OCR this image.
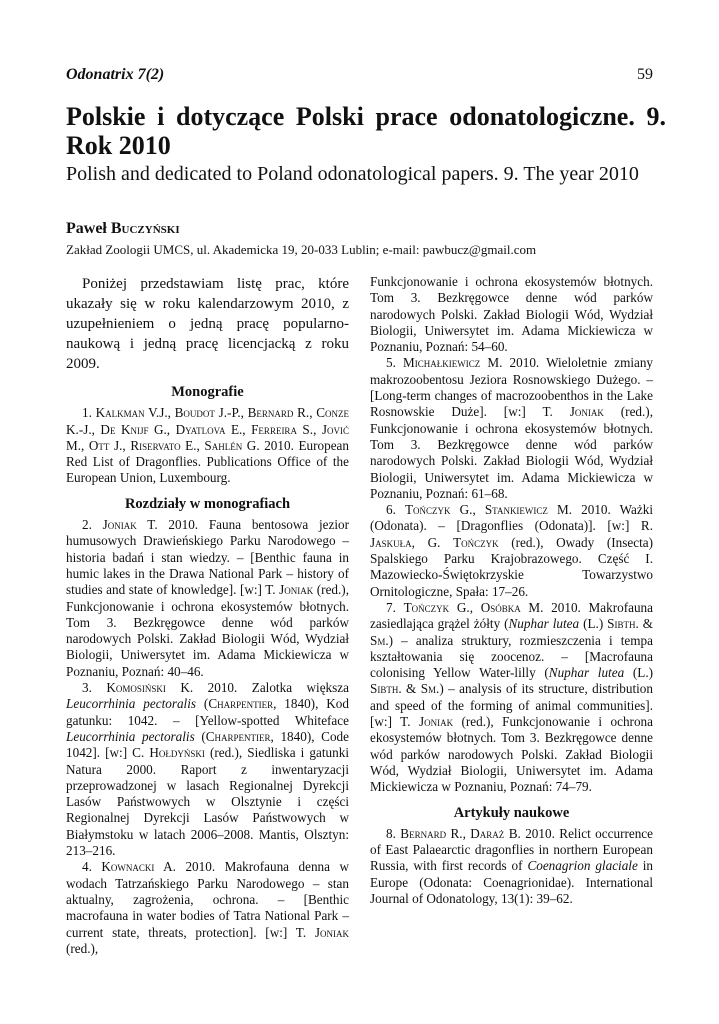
Odonatrix 7(2)	59
Polskie i dotyczące Polski prace odonatologiczne. 9. Rok 2010
Polish and dedicated to Poland odonatological papers. 9. The year 2010
Paweł Buczyński
Zakład Zoologii UMCS, ul. Akademicka 19, 20-033 Lublin; e-mail: pawbucz@gmail.com

Poniżej przedstawiam listę prac, które ukazały się w roku kalendarzowym 2010, z uzupełnieniem o jedną pracę popularno-naukową i jedną pracę licencjacką z roku 2009.

Monografie

1. Kalkman V.J., Boudot J.-P., Bernard R., Conze K.-J., De Knijf G., Dyatlova E., Ferreira S., Jović M., Ott J., Riservato E., Sahlén G. 2010. European Red List of Dragonflies. Publications Office of the European Union, Luxembourg.

Rozdziały w monografiach

2. Joniak T. 2010. Fauna bentosowa jezior humusowych Drawieńskiego Parku Narodowego – historia badań i stan wiedzy. – [Benthic fauna in humic lakes in the Drawa National Park – history of studies and state of knowledge]. [w:] T. Joniak (red.), Funkcjonowanie i ochrona ekosystemów błotnych. Tom 3. Bezkręgowce denne wód parków narodowych Polski. Zakład Biologii Wód, Wydział Biologii, Uniwersytet im. Adama Mickiewicza w Poznaniu, Poznań: 40–46.

3. Komosiński K. 2010. Zalotka większa Leucorrhinia pectoralis (Charpentier, 1840), Kod gatunku: 1042. – [Yellow-spotted Whiteface Leucorrhinia pectoralis (Charpentier, 1840), Code 1042]. [w:] C. Hołdyński (red.), Siedliska i gatunki Natura 2000. Raport z inwentaryzacji przeprowadzonej w lasach Regionalnej Dyrekcji Lasów Państwowych w Olsztynie i części Regionalnej Dyrekcji Lasów Państwowych w Białymstoku w latach 2006–2008. Mantis, Olsztyn: 213–216.

4. Kownacki A. 2010. Makrofauna denna w wodach Tatrzańskiego Parku Narodowego – stan aktualny, zagrożenia, ochrona. – [Benthic macrofauna in water bodies of Tatra National Park – current state, threats, protection]. [w:] T. Joniak (red.),

Funkcjonowanie i ochrona ekosystemów błotnych. Tom 3. Bezkręgowce denne wód parków narodowych Polski. Zakład Biologii Wód, Wydział Biologii, Uniwersytet im. Adama Mickiewicza w Poznaniu, Poznań: 54–60.

5. Michałkiewicz M. 2010. Wieloletnie zmiany makrozoobentosu Jeziora Rosnowskiego Dużego. – [Long-term changes of macrozoobenthos in the Lake Rosnowskie Duże]. [w:] T. Joniak (red.), Funkcjonowanie i ochrona ekosystemów błotnych. Tom 3. Bezkręgowce denne wód parków narodowych Polski. Zakład Biologii Wód, Wydział Biologii, Uniwersytet im. Adama Mickiewicza w Poznaniu, Poznań: 61–68.

6. Tończyk G., Stankiewicz M. 2010. Ważki (Odonata). – [Dragonflies (Odonata)]. [w:] R. Jaskuła, G. Tończyk (red.), Owady (Insecta) Spalskiego Parku Krajobrazowego. Część I. Mazowiecko-Świętokrzyskie Towarzystwo Ornitologiczne, Spała: 17–26.

7. Tończyk G., Osóbka M. 2010. Makrofauna zasiedlająca grążel żółty (Nuphar lutea (L.) Sibth. & Sm.) – analiza struktury, rozmieszczenia i tempa kształtowania się zoocenoz. – [Macrofauna colonising Yellow Water-lilly (Nuphar lutea (L.) Sibth. & Sm.) – analysis of its structure, distribution and speed of the forming of animal communities]. [w:] T. Joniak (red.), Funkcjonowanie i ochrona ekosystemów błotnych. Tom 3. Bezkręgowce denne wód parków narodowych Polski. Zakład Biologii Wód, Wydział Biologii, Uniwersytet im. Adama Mickiewicza w Poznaniu, Poznań: 74–79.

Artykuły naukowe

8. Bernard R., Daraż B. 2010. Relict occurrence of East Palaearctic dragonflies in northern European Russia, with first records of Coenagrion glaciale in Europe (Odonata: Coenagrionidae). International Journal of Odonatology, 13(1): 39–62.
